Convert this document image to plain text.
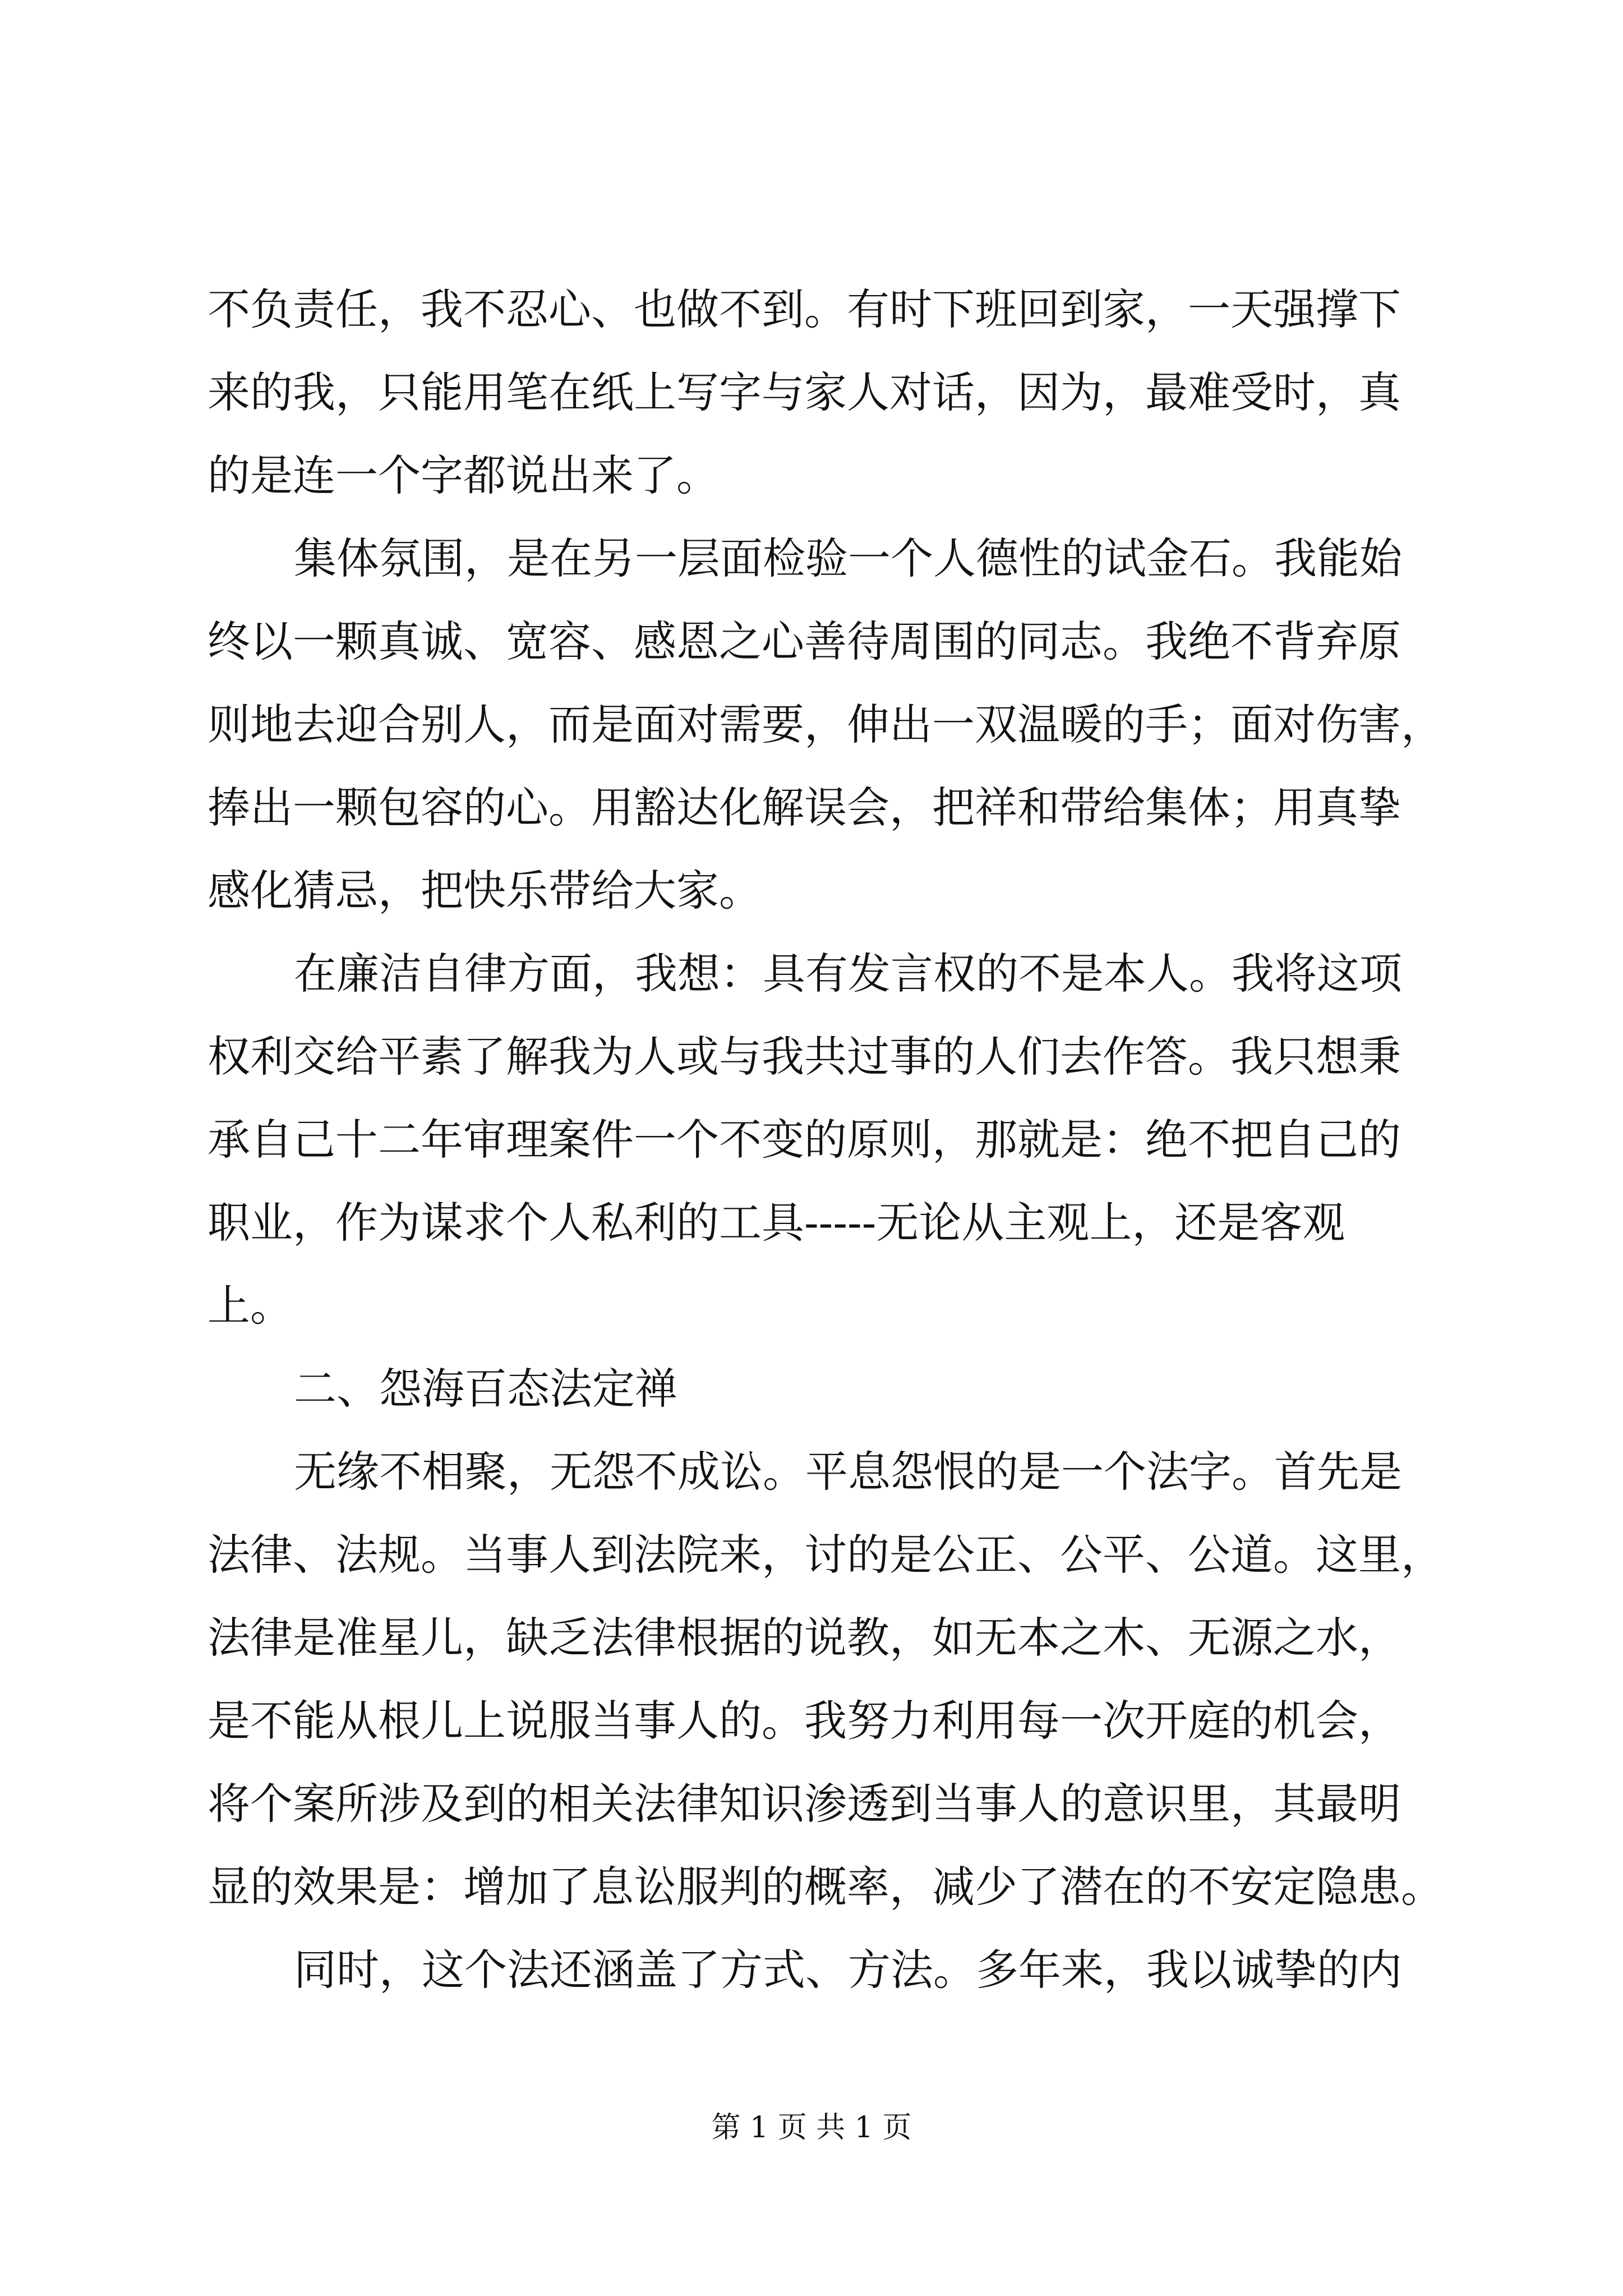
不负责任，我不忍心、也做不到。有时下班回到家，一天强撑下
来的我，只能用笔在纸上写字与家人对话，因为，最难受时，真
的是连一个字都说出来了。
集体氛围，是在另一层面检验一个人德性的试金石。我能始
终以一颗真诚、宽容、感恩之心善待周围的同志。我绝不背弃原
则地去迎合别人，而是面对需要，伸出一双温暖的手；面对伤害，
捧出一颗包容的心。用豁达化解误会，把祥和带给集体；用真挚
感化猜忌，把快乐带给大家。
在廉洁自律方面，我想：具有发言权的不是本人。我将这项
权利交给平素了解我为人或与我共过事的人们去作答。我只想秉
承自己十二年审理案件一个不变的原则，那就是：绝不把自己的
职业，作为谋求个人私利的工具-----无论从主观上，还是客观
上。
二、怨海百态法定禅
无缘不相聚，无怨不成讼。平息怨恨的是一个法字。首先是
法律、法规。当事人到法院来，讨的是公正、公平、公道。这里，
法律是准星儿，缺乏法律根据的说教，如无本之木、无源之水，
是不能从根儿上说服当事人的。我努力利用每一次开庭的机会，
将个案所涉及到的相关法律知识渗透到当事人的意识里，其最明
显的效果是：增加了息讼服判的概率，减少了潜在的不安定隐患。
同时，这个法还涵盖了方式、方法。多年来，我以诚挚的内
第 1 页 共 1 页
